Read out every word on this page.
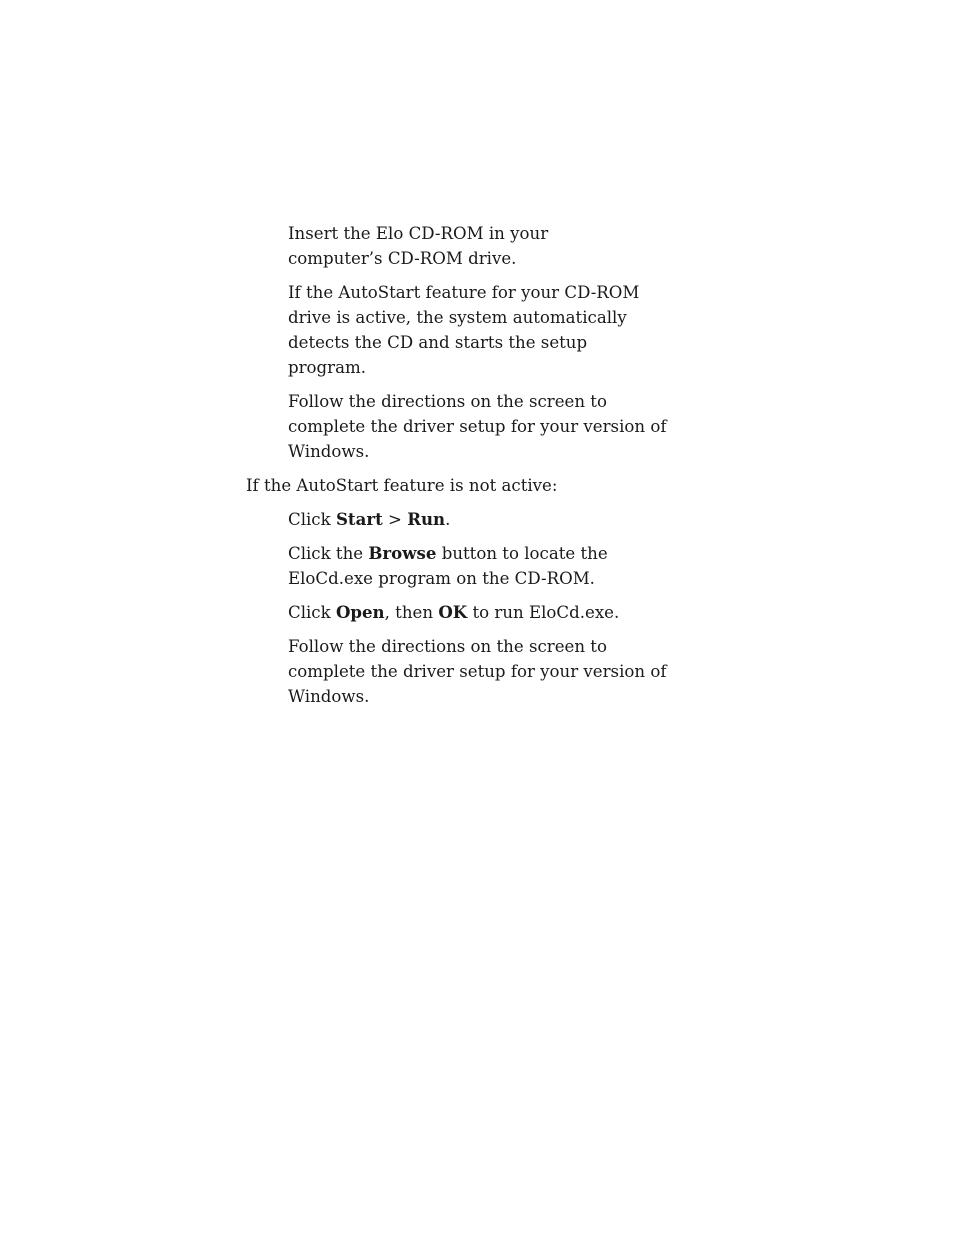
Insert the Elo CD-ROM in your computer’s CD-ROM drive.

If the AutoStart feature for your CD-ROM drive is active, the system automatically detects the CD and starts the setup program.

Follow the directions on the screen to complete the driver setup for your version of Windows.

If the AutoStart feature is not active:

Click Start > Run.

Click the Browse button to locate the EloCd.exe program on the CD-ROM.

Click Open, then OK to run EloCd.exe.

Follow the directions on the screen to complete the driver setup for your version of Windows.
